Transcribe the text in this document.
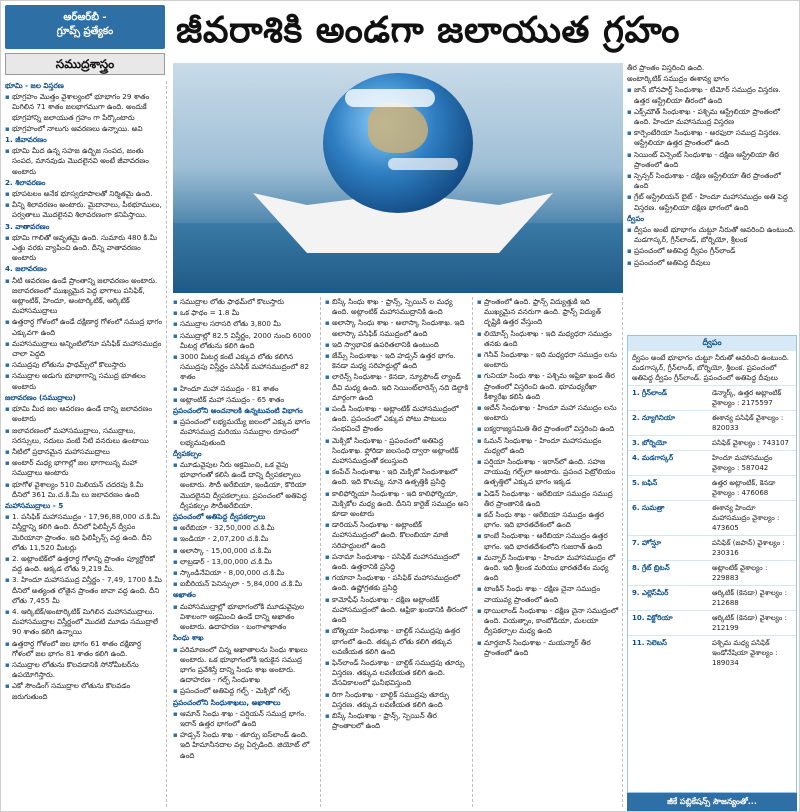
ఆర్‌ఆర్‌బీ -
గ్రూప్స్ ప్రత్యేకం
సముద్రశాస్త్రం
జీవరాశికి అండగా జలాయుత గ్రహం

భూమి - జల విస్తరణ

▪ భూగ్రహం మొత్తం వైశాల్యంలో భూభాగం 29 శాతం మిగిలిన 71 శాతం జలభాగముగా ఉంది. అందుకే భూగ్రహాన్ని జలాయుత గ్రహం గా పేర్కొంటారు

▪ భూగ్రహంలో నాలుగు ఆవరణలు ఉన్నాయి. అవి

1. జీవావరణం

▪ భూమి మీద ఉన్న సహజ ఉద్భిజ సంపద, జంతు సంపద, మానవుడు మొదలైనవి అంటే జీవావరణం అంటారు

2. శిలావరణం

▪ భూపటలం అనేక భూస్వరూపాలతో నిర్మితమై ఉంది.

▪ వీన్ని శిలావరణం అంటారు. మైదానాలు, పీఠభూములు, పర్వతాలు మొదలైనవి శిలావరణంగా కనిపిస్తాయి.

3. వాతావరణం

▪ భూమి గాలితో ఆవృతమై ఉంది. సుమారు 480 కి.మీ ఎత్తు వరకు వ్యాపించి ఉంది. దీన్ని వాతావరణం అంటారు

4. జలావరణం

▪ నీటి ఆవరణం ఉండే ప్రాంతాన్ని జలావరణం అంటారు. జలావరణంలో ముఖ్యమైన పెద్ద భాగాలు పసిఫిక్, అట్లాంటిక్, హిందూ, అంటార్కిటిక్, ఆర్కిటిక్ మహాసముద్రాలు

▪ ఉత్తరార్ధ గోళంలో ఉండే దక్షిణార్ధ గోళంలో సముద్ర భాగం ఎక్కువగా ఉంది

▪ మహాసముద్రాలు అన్నింటిలోనూ పసిఫిక్ మహాసముద్రం చాలా పెద్దది

▪ సముద్రపు లోతును ఫాథమ్స్‌లో కొలుస్తారు

▪ సముద్రాల అడుగు భూభాగాన్ని సముద్ర భూతలం అంటారు

జలావరణం (సముద్రాలు)

▪ భూమి మీద జల ఆవరణం ఉండే దాన్ని జలావరణం అంటారు

▪ జలావరణంలో మహాసముద్రాలు, సముద్రాలు, సరస్సులు, నదులు వంటి నీటి వనరులు ఉంటాయి

▪ నీటిలో ప్రధానమైన మహాసముద్రాలు

▪ అంటార్ మధ్య భాగాల్లో జల భాగాలున్న మహా సముద్రాలు అంటారు

▪ భూగోళ వైశాల్యం 510 మిలియన్ చదరపు కి.మీ దీనిలో 361 మి.చ.కి.మీ లు జలావరణం ఉంది

మహాసముద్రాలు - 5

▪ 1. పసిఫిక్ మహాసముద్రం - 17,96,88,000 చ.కి.మీ విస్తీర్ణాన్ని కలిగి ఉంది. దీనిలో ఫిలిప్పీన్ ద్వీపం మెరియానా ప్రాంతం. ఇది ఫిలిప్పీన్స్ వద్ద ఉంది. దీని లోతు 11,520 మీటర్లు

▪ 2. అట్లాంటిక్‌లో ఉత్తరార్ధ గోళాన్ని ప్రాంతం ప్యూర్టోరికో వద్ద ఉంది. అక్కడ లోతు 9,219 మీ.

▪ 3. హిందూ మహాసముద్ర విస్తీర్ణం - 7,49, 1700 కి.మీ దీనిలో అత్యంత లోతైన ప్రాంతం జావా వద్ద ఉంది. దీని లోతు 7,455 మీ

▪ 4. ఆర్కిటిక్/అంటార్కిటిక్ మిగిలిన మహాసముద్రాలు. మహాసముద్రాల విస్తీర్ణంలో మొదటి మూడు సముద్రాలే 90 శాతం కలిగి ఉన్నాయి

▪ ఉత్తరార్ధ గోళంలో జల భాగం 61 శాతం దక్షిణార్ధ గోళంలో జల భాగం 81 శాతం కలిగి ఉంది.

▪ సముద్రాల లోతును కొలవడానికి సోనోమీటర్‌ను ఉపయోగిస్తారు.

▪ ఎకో సౌండింగ్ సముద్రాల లోతును కొలవడం జరుగుతుంది

▪ సముద్రాల లోతు ఫాథమ్‌లో కొలుస్తారు

▪ ఒక ఫాథం = 1.8 మీ

▪ సముద్రాల సరాసరి లోతు 3,800 మీ

▪ సముద్రాల్లో 82.5 విస్తీర్ణం, 2000 నుంచి 6000 మీటర్ల లోతును కలిగి ఉంది

▪ 3000 మీటర్ల కంటే ఎక్కువ లోతు కలిగిన సముద్రపు విస్తీర్ణం పసిఫిక్ మహాసముద్రంలో 82 శాతం

▪ హిందూ మహా సముద్రం - 81 శాతం

▪ అట్లాంటిక్ మహా సముద్రం - 65 శాతం

ప్రపంచంలోని అంచనాలకి ఉన్నటువంటి విభాగం

▪ ప్రపంచంలో లభ్యమయ్యే జలంలో ఎక్కువ భాగం మహాసముద్ర మరియు సముద్రాల రూపంలో లభ్యమవుతుంది

ద్వీపకల్పం

▪ మూడువైపుల నీరు ఆక్రమించి, ఒక వైపు భూభాగంతో కలిసి ఉండే దాన్ని ద్వీపకల్పాలు అంటారు. సౌదీ అరేబియా, ఇండియా, కొరియా మొదలైనవి ద్వీపకల్పాలు. ప్రపంచంలో అతిపెద్ద ద్వీపకల్పం సౌదీఅరేబియా.

ప్రపంచంలో అతిపెద్ద ద్వీపకల్పాలు

▪ అరేబియా - 32,50,000 చ.కి.మీ

▪ ఇండియా - 2,07,200 చ.కి.మీ

▪ అలాస్కా - 15,00,000 చ.కి.మీ

▪ లాబ్రడార్ - 13,00,000 చ.కి.మీ

▪ స్కాండినేవియా - 8,00,000 చ.కి.మీ

▪ ఐబీరియన్ పెనిన్సులా - 5,84,000 చ.కి.మీ

అఖాతం

▪ మహాసముద్రాల్లో భూభాగంలోకి మూడువైపుల విశాలంగా ఆక్రమించి ఉండే దాన్ని అఖాతం అంటారు. ఉదాహరణ - బంగాళాఖాతం

సింధు శాఖ

▪ పరిమాణంలో చిన్న అఖాతాలను సింధు శాఖలు అంటారు. ఒక భూభాగంలోకి ఇరుకైన సముద్ర భాగం ప్రవేశిస్తే దాన్ని సింధు శాఖ అంటారు. ఉదాహరణ - గల్ఫ్ సింధుశాఖ

▪ ప్రపంచంలో అతిపెద్ద గల్ఫ్ - మెక్సికో గల్ఫ్

ప్రపంచంలోని సింధుశాఖలు, అఖాతాలు

▪ ఆమాన్ సింధు శాఖ - పర్షియన్ సముద్ర భాగం. ఇరాన్ ఉత్తర భాగంలో ఉంది

▪ హడ్సన్ సింధు శాఖ - తూర్పు ఐస్‌లాండ్‌ ఉంది. ఇది హిమానీనదాల వల్ల ఏర్పడింది. జియోట్ లో ఉంది

▪ బిస్కే సింధు శాఖ - ఫ్రాన్స్, స్పెయిన్ ల మధ్య ఉంది. అట్లాంటిక్ మహాసముద్రానికి ఉంది

▪ అలాస్కా సింధు శాఖ - అలాస్కా సింధుశాఖ. ఇది అలాస్కా పసిఫిక్ సముద్రంలో ఉంది

▪ ఇది స్వాభావిక ఉపరితలానికి ఉంటుంది

▪ జేమ్స్ సింధుశాఖ - ఇది హడ్సన్ ఉత్తర భాగం. కెనడా మధ్య సరిహద్దుల్లో ఉంది

▪ లారెన్స్ సింధుశాఖ - కెనడా, న్యూఫౌండ్ ల్యాండ్ దీవి మధ్య ఉంది. ఇది సెయింట్‌లారెన్స్ నది డెల్టాకి మార్గంగా ఉంది

▪ పండీ సింధుశాఖ - అట్లాంటిక్ మహాసముద్రంలో ఉంది. ప్రపంచంలో ఎక్కువ పోటు పాటులు సంభవించే ప్రాంతం

▪ మెక్సికో సింధుశాఖ - ప్రపంచంలో అతిపెద్ద సింధుశాఖ. ఫ్లోరిడా జలసంధి ద్వారా అట్లాంటిక్ మహాసముద్రంతో కలుస్తుంది

▪ కంపేచ్ సింధుశాఖ - ఇది మెక్సికో సింధుశాఖలో ఉంది. ఇది కొలమ్మ, నూనె ఉత్పత్తికి ప్రసిద్ధి

▪ కాలిఫోర్నియా సింధుశాఖ - ఇది కాలిఫోర్నియా, మెక్సికోల మధ్య ఉంది. దీనిని కార్టెజ్ సముద్రం అని కూడా అంటారు

▪ డారియన్ సింధుశాఖ - అట్లాంటిక్ మహాసముద్రంలో ఉంది. కొలంబియా మాజీ సరిహద్దులలో ఉంది

▪ పనామా సింధుశాఖ - పసిఫిక్ మహాసముద్రంలో ఉంది. ఉత్తరానికి ప్రసిద్ధి

▪ గయానా సింధుశాఖ - పసిఫిక్ మహాసముద్రంలో ఉంది. ఉష్ణోగ్రతకు ప్రసిద్ధి

▪ కామోఫీఫ్ సింధుశాఖ - దక్షిణ అట్లాంటిక్ మహాసముద్రంలో ఉంది. ఆఫ్రికా ఖండానికి తీరంలో ఉంది

▪ బోత్నియా సింధుశాఖ - బాల్టిక్ సముద్రపు ఉత్తర భాగంలో ఉంది. తక్కువ లోతు కలిగి తక్కువ లవణీయత కలిగి ఉంది

▪ ఫిన్‌లాండ్ సింధుశాఖ - బాల్టిక్ సముద్రపు తూర్పు విస్తరణ. తక్కువ లవణీయత కలిగి ఉంది. వేసవికాలంలో ఘనీభవిస్తుంది

▪ రిగా సింధుశాఖ - బాల్టిక్ సముద్రపు తూర్పు విస్తరణ. తక్కువ లవణీయత కలిగి ఉంది

▪ బిస్కే సింధుశాఖ - ఫ్రాన్స్, స్పెయిన్ తీర ప్రాంతాలలో ఉంది

▪ ప్రాంతంలో ఉంది. ఫ్రాన్స్ విద్యుత్తుకి ఇది ముఖ్యమైన వనరుగా ఉంది. ఫ్రాన్స్ విద్యుత్ దృష్టికి ఉత్తర వేస్తుంది

▪ లియోన్స్ సింధుశాఖ - ఇది మధ్యధరా సముద్రం తనకు ఉంది

▪ గెనీవ్ సింధుశాఖ - ఇది మధ్యధరా సముద్రం లను అంటారు

▪ గునియా సింధు శాఖ - పశ్చిమ ఆఫ్రికా ఖండ తీర ప్రాంతంలో విస్తరించి ఉంది. భూమధ్యరేఖా కీశ్యారేఖ కలిసి ఉంది

▪ ఆదేన్ సింధుశాఖ - హిందూ మహా సముద్రం లను అంటారు

▪ ఐక్యరాజ్యసమితి తీర ప్రాంతంలో విస్తరించి ఉంది

▪ ఓమన్ సింధుశాఖ - హిందూ మహాసముద్రం మధ్యలో ఉంది

▪ పర్షియా సింధుశాఖ - ఇరాన్‌లో ఉంది. సహజ వాయువు గల్ఫ్‌లా అంటారు. ప్రపంచ పెట్రోలియం ఉత్పత్తిలో ఎక్కువ భాగం ఇక్కడ

▪ ఏడెన్ సింధుశాఖ - ఆరేబియా సముద్రం సముద్ర తీర ప్రాంతానికి ఉంది

▪ కచ్ సింధు శాఖ - ఆరేబియా సముద్రం ఉత్తర భాగం. ఇది భారతదేశంలో ఉంది

▪ కాంబే సింధుశాఖ - ఆరేబియా సముద్రం ఉత్తర భాగం. ఇది భారతదేశంలోని గుజరాత్ ఉంది

▪ మన్నార్ సింధుశాఖ - హిందూ మహాసముద్రం లో ఉంది. ఇది శ్రీలంక మరియు భారతదేశం మధ్య ఉంది

▪ టాంకిన్ సింధు శాఖ - దక్షిణ చైనా సముద్రం వాయువ్య ప్రాంతంలో ఉంది

▪ థాయిలాండ్ సింధుశాఖ - దక్షిణ చైనా సముద్రంలో ఉంది. వియత్నాం, కాంబోడియా, మలయా ద్వీపకల్పాల మధ్య ఉంది

▪ మార్తబాన్ సింధుశాఖ - మయన్మార్ తీర ప్రాంతంలో ఉంది

తీర ప్రాంతం విస్తరించి ఉంది.

అంటార్కిటిక్ సముద్రం ఈశాన్య భాగం

▪ జాన్ బోనపార్ట్ సింధుశాఖ - టిమోర్ సముద్రం విస్తరణ. ఉత్తర ఆస్ట్రేలియా తీరంలో ఉంది

▪ ఎక్స్‌మౌత్ సింధుశాఖ - పశ్చిమ ఆస్ట్రేలియా ప్రాంతంలో ఉంది. హిందూ మహాసముద్ర విస్తరణ

▪ కార్పెంటేరియా సింధుశాఖ - అరఫురా సముద్ర విస్తరణ. ఆస్ట్రేలియా ఉత్తర ప్రాంతంలో ఉంది

▪ సెయింట్ విన్సెంట్ సింధుశాఖ - దక్షిణ ఆస్ట్రేలియా తీర ప్రాంతంలో ఉంది

▪ స్పెన్సర్ సింధుశాఖ - దక్షిణ ఆస్ట్రేలియా తీర ప్రాంతంలో ఉంది

▪ గ్రేట్ ఆస్ట్రేలియన్ బైట్ - హిందూ మహాసముద్రం అతి పెద్ద విస్తరణ. ఆస్ట్రేలియా దక్షిణ భాగంలో ఉంది

ద్వీపం

▪ ద్వీపం అంటే భూభాగం చుట్టూ నీరుతో ఆవరించి ఉంటుంది. మడగాస్కర్, గ్రీన్‌లాండ్, బోర్నియో, శ్రీలంక

▪ ప్రపంచంలో అతిపెద్ద ద్వీపం గ్రీన్‌లాండ్

▪ ప్రపంచంలో అతిపెద్ద దీవులు

ద్వీపం
ద్వీపం అంటే భూభాగం చుట్టూ నీరుతో ఆవరించి ఉంటుంది. మడగాస్కర్, గ్రీన్‌లాండ్, బోర్నియో, శ్రీలంక. ప్రపంచంలో అతిపెద్ద ద్వీపం గ్రీన్‌లాండ్. ప్రపంచంలో అతిపెద్ద దీవులు
1. గ్రీన్‌లాండ్	డెన్మార్క్, ఉత్తర అట్లాంటిక్ వైశాల్యం : 2175597
2. న్యూగినియా	ఈశాన్య పసిఫిక్ వైశాల్యం : 820033
3. బోర్నియో	పసిఫిక్ వైశాల్యం : 743107
4. మడగాస్కర్	హిందూ మహాసముద్రం వైశాల్యం : 587042
5. బఫిన్	ఉత్తర అట్లాంటిక్, కెనడా వైశాల్యం : 476068
6. సుమత్రా	ఈశాన్య హిందూ మహాసముద్రం వైశాల్యం : 473605
7. హోన్షూ	పసిఫిక్ (జపాన్) వైశాల్యం : 230316
8. గ్రేట్ బ్రిటన్	అట్లాంటిక్ వైశాల్యం : 229883
9. ఎల్లెస్‌మీర్	ఆర్కిటిక్ (కెనడా) వైశాల్యం : 212688
10. విక్టోరియా	ఆర్కిటిక్ (కెనడా) వైశాల్యం : 212199
11. సెలెబస్	పశ్చిమ మధ్య పసిఫిక్ ఇండోనేషియా వైశాల్యం : 189034
జీకే పబ్లికేషన్స్ సౌజన్యంతో...
